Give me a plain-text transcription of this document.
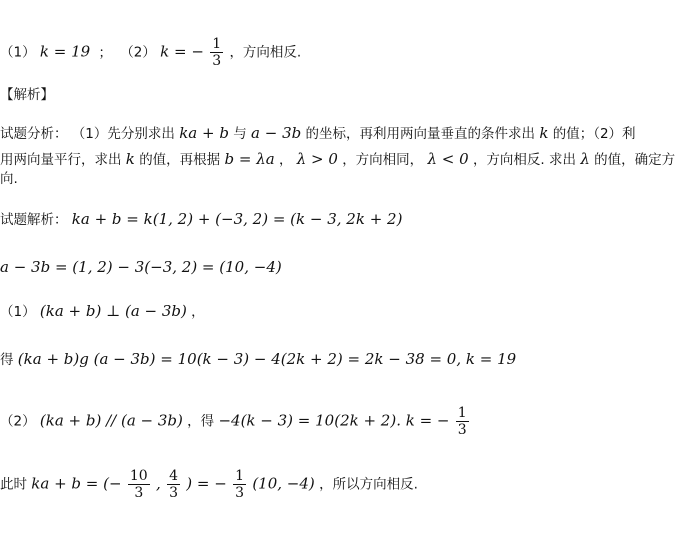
（1） k = 19 ； （2） k = − $\frac{1}{3}$ ，方向相反.
【解析】
试题分析： （1）先分别求出 ka + b 与 a − 3b 的坐标，再利用两向量垂直的条件求出 k 的值；（2）利
用两向量平行，求出 k 的值，再根据 b = λa ， λ > 0 ，方向相同， λ < 0 ，方向相反. 求出 λ 的值，确定方
向.
试题解析： ka + b = k(1, 2) + (−3, 2) = (k − 3, 2k + 2)
a − 3b = (1, 2) − 3(−3, 2) = (10, −4)
（1） (ka + b) ⊥ (a − 3b) ，
得 (ka + b)g (a − 3b) = 10(k − 3) − 4(2k + 2) = 2k − 38 = 0, k = 19
（2） (ka + b) // (a − 3b) ，得 −4(k − 3) = 10(2k + 2). k = − $\frac{1}{3}$
此时 ka + b = (− $\frac{10}{3}$ , $\frac{4}{3}$ ) = − $\frac{1}{3} (10$, −4) ，所以方向相反.
